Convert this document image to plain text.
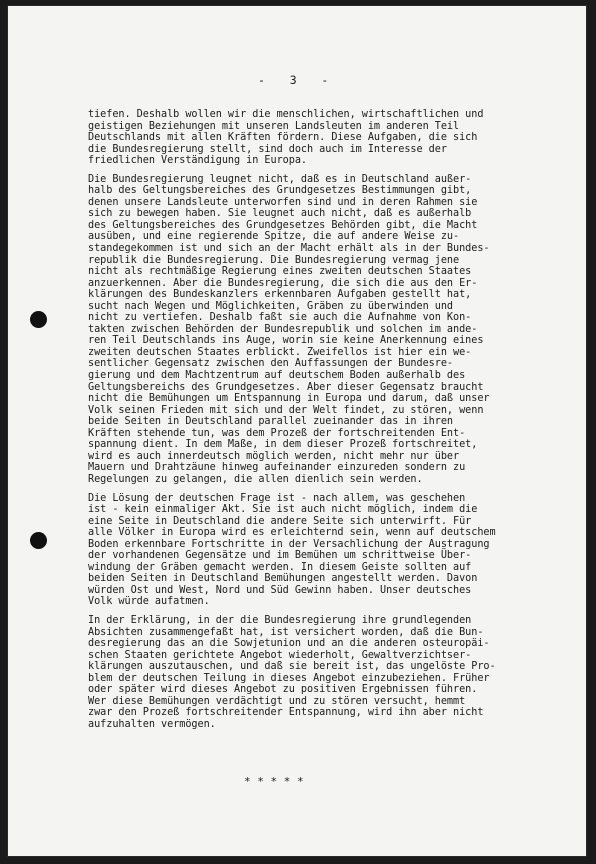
-   3   -
tiefen. Deshalb wollen wir die menschlichen, wirtschaftlichen und
geistigen Beziehungen mit unseren Landsleuten im anderen Teil
Deutschlands mit allen Kräften fördern. Diese Aufgaben, die sich
die Bundesregierung stellt, sind doch auch im Interesse der
friedlichen Verständigung in Europa.
Die Bundesregierung leugnet nicht, daß es in Deutschland außer-
halb des Geltungsbereiches des Grundgesetzes Bestimmungen gibt,
denen unsere Landsleute unterworfen sind und in deren Rahmen sie
sich zu bewegen haben. Sie leugnet auch nicht, daß es außerhalb
des Geltungsbereiches des Grundgesetzes Behörden gibt, die Macht
ausüben, und eine regierende Spitze, die auf andere Weise zu-
standegekommen ist und sich an der Macht erhält als in der Bundes-
republik die Bundesregierung. Die Bundesregierung vermag jene
nicht als rechtmäßige Regierung eines zweiten deutschen Staates
anzuerkennen. Aber die Bundesregierung, die sich die aus den Er-
klärungen des Bundeskanzlers erkennbaren Aufgaben gestellt hat,
sucht nach Wegen und Möglichkeiten, Gräben zu überwinden und
nicht zu vertiefen. Deshalb faßt sie auch die Aufnahme von Kon-
takten zwischen Behörden der Bundesrepublik und solchen im ande-
ren Teil Deutschlands ins Auge, worin sie keine Anerkennung eines
zweiten deutschen Staates erblickt. Zweifellos ist hier ein we-
sentlicher Gegensatz zwischen den Auffassungen der Bundesre-
gierung und dem Machtzentrum auf deutschem Boden außerhalb des
Geltungsbereichs des Grundgesetzes. Aber dieser Gegensatz braucht
nicht die Bemühungen um Entspannung in Europa und darum, daß unser
Volk seinen Frieden mit sich und der Welt findet, zu stören, wenn
beide Seiten in Deutschland parallel zueinander das in ihren
Kräften stehende tun, was dem Prozeß der fortschreitenden Ent-
spannung dient. In dem Maße, in dem dieser Prozeß fortschreitet,
wird es auch innerdeutsch möglich werden, nicht mehr nur über
Mauern und Drahtzäune hinweg aufeinander einzureden sondern zu
Regelungen zu gelangen, die allen dienlich sein werden.
Die Lösung der deutschen Frage ist - nach allem, was geschehen
ist - kein einmaliger Akt. Sie ist auch nicht möglich, indem die
eine Seite in Deutschland die andere Seite sich unterwirft. Für
alle Völker in Europa wird es erleichternd sein, wenn auf deutschem
Boden erkennbare Fortschritte in der Versachlichung der Austragung
der vorhandenen Gegensätze und im Bemühen um schrittweise Über-
windung der Gräben gemacht werden. In diesem Geiste sollten auf
beiden Seiten in Deutschland Bemühungen angestellt werden. Davon
würden Ost und West, Nord und Süd Gewinn haben. Unser deutsches
Volk würde aufatmen.
In der Erklärung, in der die Bundesregierung ihre grundlegenden
Absichten zusammengefaßt hat, ist versichert worden, daß die Bun-
desregierung das an die Sowjetunion und an die anderen osteuropäi-
schen Staaten gerichtete Angebot wiederholt, Gewaltverzichtser-
klärungen auszutauschen, und daß sie bereit ist, das ungelöste Pro-
blem der deutschen Teilung in dieses Angebot einzubeziehen. Früher
oder später wird dieses Angebot zu positiven Ergebnissen führen.
Wer diese Bemühungen verdächtigt und zu stören versucht, hemmt
zwar den Prozeß fortschreitender Entspannung, wird ihn aber nicht
aufzuhalten vermögen.
* * * * *
